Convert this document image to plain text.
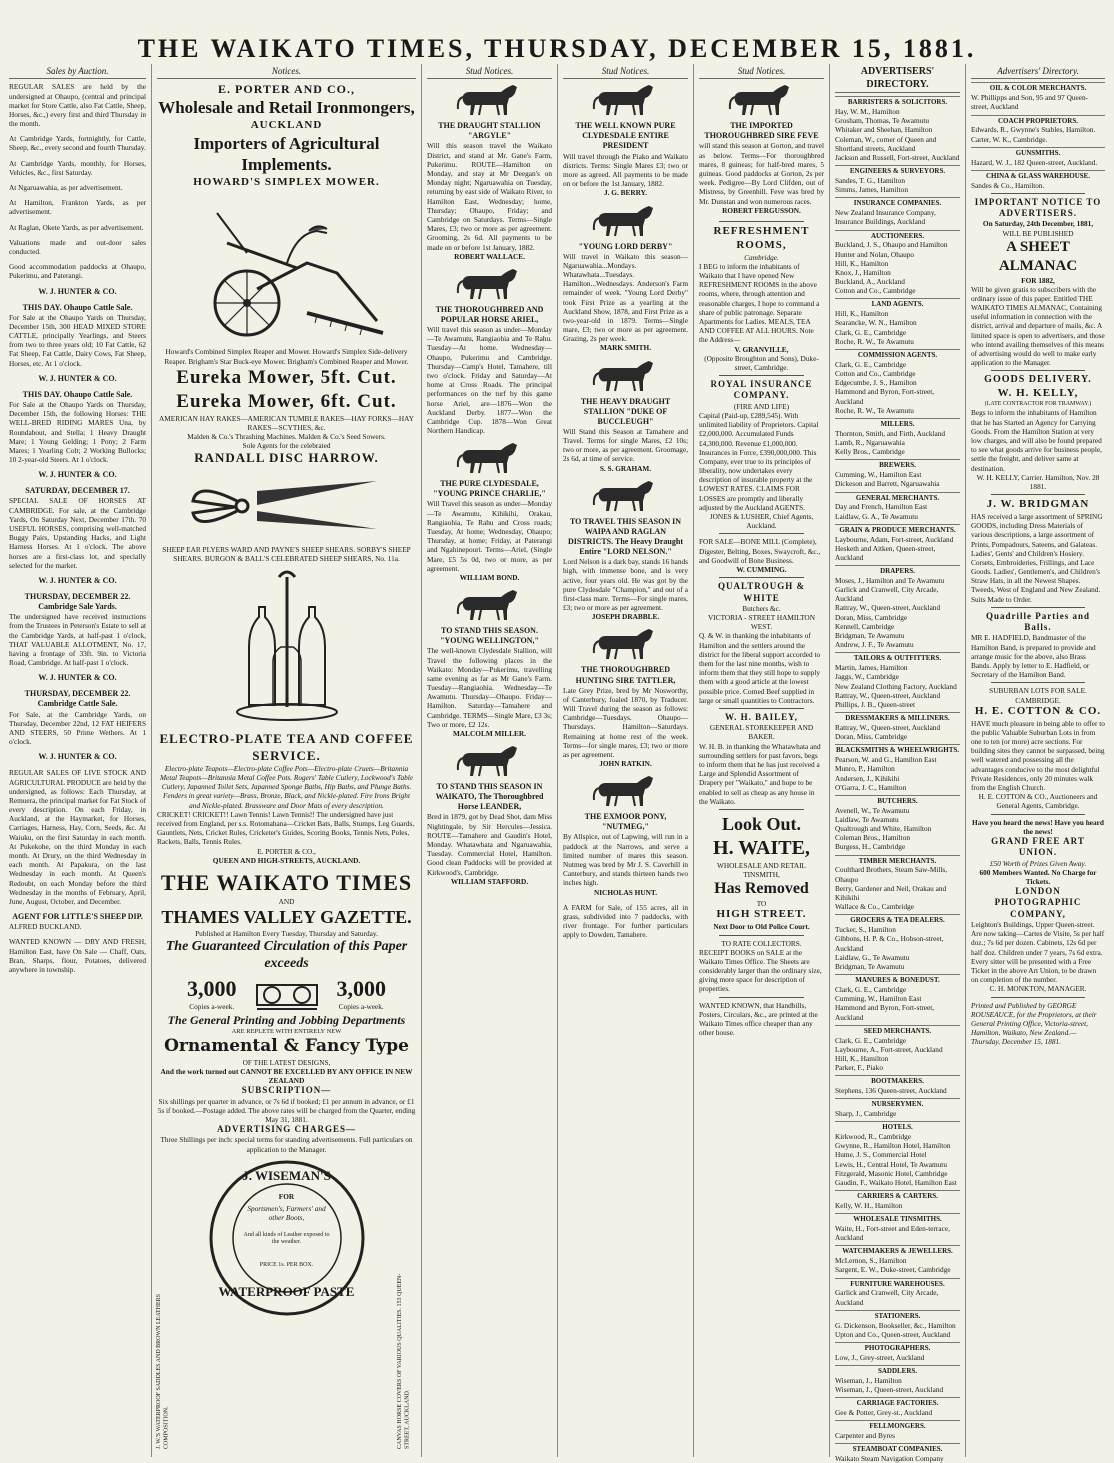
THE WAIKATO TIMES, THURSDAY, DECEMBER 15, 1881.
Sales by Auction.

REGULAR SALES are held by the undersigned at Ohaupo, (central and principal market for Store Cattle, also Fat Cattle, Sheep, Horses, &c.,) every first and third Thursday in the month.

At Cambridge Yards, fortnightly, for Cattle, Sheep, &c., every second and fourth Thursday.

At Cambridge Yards, monthly, for Horses, Vehicles, &c., first Saturday.

At Ngaruawahia, as per advertisement.

At Hamilton, Frankton Yards, as per advertisement.

At Raglan, Okete Yards, as per advertisement.

Valuations made and out-door sales conducted.

Good accommodation paddocks at Ohaupo, Pukerimu, and Paterangi.

W. J. HUNTER & CO.
THIS DAY. Ohaupo Cattle Sale.

For Sale at the Ohaupo Yards on Thursday, December 15th, 300 HEAD MIXED STORE CATTLE, principally Yearlings, and Steers from two to three years old; 10 Fat Cattle, 62 Fat Sheep, Fat Cattle, Dairy Cows, Fat Sheep, Horses, etc. At 1 o'clock.

W. J. HUNTER & CO.
THIS DAY. Ohaupo Cattle Sale.

For Sale at the Ohaupo Yards on Thursday, December 15th, the following Horses: THE WELL-BRED RIDING MARES Una, by Roundabout, and Stella; 1 Heavy Draught Mare; 1 Young Gelding; 1 Pony; 2 Farm Mares; 1 Yearling Colt; 2 Working Bullocks; 10 2-year-old Steers. At 1 o'clock.

W. J. HUNTER & CO.
SATURDAY, DECEMBER 17.

SPECIAL SALE OF HORSES AT CAMBRIDGE. For sale, at the Cambridge Yards, On Saturday Next, December 17th. 70 USEFUL HORSES, comprising well-matched Buggy Pairs, Upstanding Hacks, and Light Harness Horses. At 1 o'clock. The above horses are a first-class lot, and specially selected for the market.

W. J. HUNTER & CO.
THURSDAY, DECEMBER 22. Cambridge Sale Yards.

The undersigned have received instructions from the Trustees in Peterson's Estate to sell at the Cambridge Yards, at half-past 1 o'clock, THAT VALUABLE ALLOTMENT, No. 17, having a frontage of 33ft. 9in. to Victoria Road, Cambridge. At half-past 1 o'clock.

W. J. HUNTER & CO.
THURSDAY, DECEMBER 22. Cambridge Cattle Sale.

For Sale, at the Cambridge Yards, on Thursday, December 22nd, 12 FAT HEIFERS AND STEERS, 50 Prime Wethers. At 1 o'clock.

W. J. HUNTER & CO.

REGULAR SALES OF LIVE STOCK AND AGRICULTURAL PRODUCE are held by the undersigned, as follows: Each Thursday, at Remuera, the principal market for Fat Stock of every description. On each Friday, in Auckland, at the Haymarket, for Horses, Carriages, Harness, Hay, Corn, Seeds, &c. At Waiuku, on the first Saturday in each month. At Pukekohe, on the third Monday in each month. At Drury, on the third Wednesday in each month. At Papakura, on the last Wednesday in each month. At Queen's Redoubt, on each Monday before the third Wednesday in the months of February, April, June, August, October, and December.

AGENT FOR LITTLE'S SHEEP DIP.

ALFRED BUCKLAND.

WANTED KNOWN — DRY AND FRESH, Hamilton East, have On Sale — Chaff, Oats, Bran, Sharps, flour, Potatoes, delivered anywhere in township.

Notices.
E. PORTER AND CO.,
Wholesale and Retail Ironmongers,
AUCKLAND
Importers of Agricultural Implements.
HOWARD'S SIMPLEX MOWER.

Howard's Combined Simplex Reaper and Mower. Howard's Simplex Side-delivery Reaper. Brigham's Star Buck-eye Mower. Brigham's Combined Reaper and Mower.

Eureka Mower, 5ft. Cut.
Eureka Mower, 6ft. Cut.

AMERICAN HAY RAKES—AMERICAN TUMBLE RAKES—HAY FORKS—HAY RAKES—SCYTHES, &c.

Malden & Co.'s Thrashing Machines. Malden & Co.'s Seed Sowers.

Sole Agents for the celebrated

RANDALL DISC HARROW.

SHEEP EAR PLYERS WARD AND PAYNE'S SHEEP SHEARS. SORBY'S SHEEP SHEARS. BURGON & BALL'S CELEBRATED SHEEP SHEARS, No. 11a.

ELECTRO-PLATE TEA AND COFFEE SERVICE.

Electro-plate Teapots—Electro-plate Coffee Pots—Electro-plate Cruets—Britannia Metal Teapots—Britannia Metal Coffee Pots. Rogers' Table Cutlery, Lockwood's Table Cutlery, Japanned Toilet Sets, Japanned Sponge Baths, Hip Baths, and Plunge Baths. Fenders in great variety—Brass, Bronze, Black, and Nickle-plated. Fire Irons Bright and Nickle-plated. Brassware and Door Mats of every description.

CRICKET! CRICKET!! Lawn Tennis! Lawn Tennis!! The undersigned have just received from England, per s.s. Rotomahana—Cricket Bats, Balls, Stumps, Leg Guards, Gauntlets, Nets, Cricket Rules, Cricketer's Guides, Scoring Books, Tennis Nets, Poles, Rackets, Balls, Tennis Rules.

E. PORTER & CO.,
QUEEN AND HIGH-STREETS, AUCKLAND.
THE WAIKATO TIMES
AND
THAMES VALLEY GAZETTE.

Published at Hamilton Every Tuesday, Thursday and Saturday.

The Guaranteed Circulation of this Paper exceeds
3,000
Copies a-week.
3,000
Copies a-week.
The General Printing and Jobbing Departments
ARE REPLETE WITH ENTIRELY NEW
Ornamental & Fancy Type
OF THE LATEST DESIGNS,
And the work turned out CANNOT BE EXCELLED BY ANY OFFICE IN NEW ZEALAND
SUBSCRIPTION—

Six shillings per quarter in advance, or 7s 6d if booked; £1 per annum in advance, or £1 5s if booked.—Postage added. The above rates will be charged from the Quarter, ending May 31, 1881.

ADVERTISING CHARGES—

Three Shillings per inch: special terms for standing advertisements. Full particulars on application to the Manager.

J. W.'S WATERPROOF SADDLES AND BROWN LEATHERS COMPOSITION.	CANVAS HORSE COVERS OF VARIOUS QUALITIES. 153 QUEEN-STREET, AUCKLAND.
J. WISEMAN'S
FOR
Sportsmen's, Farmers' and other Boots,
And all kinds of Leather exposed to the weather.
PRICE 1s. PER BOX.
WATERPROOF PASTE
Stud Notices.
THE DRAUGHT STALLION "ARGYLE"

Will this season travel the Waikato District, and stand at Mr. Gane's Farm, Pukerimu. ROUTE—Hamilton on Monday, and stay at Mr Deegan's on Monday night; Ngaruawahia on Tuesday, returning by east side of Waikato River, to Hamilton East, Wednesday; home, Thursday; Ohaupo, Friday; and Cambridge on Saturdays. Terms—Single Mares, £3; two or more as per agreement. Grooming, 2s 6d. All payments to be made on or before 1st January, 1882.

ROBERT WALLACE.
THE THOROUGHBRED AND POPULAR HORSE ARIEL,

Will travel this season as under—Monday—Te Awamutu, Rangiaohia and Te Rahu. Tuesday—At home. Wednesday—Ohaupo, Pukerimu and Cambridge. Thursday—Camp's Hotel, Tamahere, till two o'clock. Friday and Saturday—At home at Cross Roads. The principal performances on the turf by this game horse Ariel, are—1876—Won the Auckland Derby. 1877—Won the Cambridge Cup. 1878—Won Great Northern Handicap.

THE PURE CLYDESDALE, "YOUNG PRINCE CHARLIE,"

Will Travel this season as under—Monday—Te Awamutu, Kihikihi, Orakau, Rangiaohia, Te Rahu and Cross roads; Tuesday, At home; Wednesday, Ohaupo; Thursday, at home; Friday, at Paterangi and Ngahinepouri. Terms—Ariel, (Single Mare, £5 5s 0d, two or more, as per agreement.

WILLIAM BOND.
TO STAND THIS SEASON. "YOUNG WELLINGTON,"

The well-known Clydesdale Stallion, will Travel the following places in the Waikato: Monday—Pukerimu, travelling same evening as far as Mr Gane's Farm. Tuesday—Rangiaohia. Wednesday—Te Awamutu. Thursday—Ohaupo. Friday—Hamilton. Saturday—Tamahere and Cambridge. TERMS—Single Mare, £3 3s; Two or more, £2 12s.

MALCOLM MILLER.
TO STAND THIS SEASON IN WAIKATO, The Thoroughbred Horse LEANDER,

Bred in 1879, got by Dead Shot, dam Miss Nightingale, by Sir Hercules—Jessica. ROUTE—Tamahere and Gaudin's Hotel, Monday. Whatawhata and Ngaruawahia, Tuesday. Commercial Hotel, Hamilton. Good clean Paddocks will be provided at Kirkwood's, Cambridge.

WILLIAM STAFFORD.
Stud Notices.
THE WELL KNOWN PURE CLYDESDALE ENTIRE PRESIDENT

Will travel through the Piako and Waikato districts. Terms: Single Mares £3; two or more as agreed. All payments to be made on or before the 1st January, 1882.

J. G. BERRY.
"YOUNG LORD DERBY"

Will travel in Waikato this season—Ngaruawahia...Mondays. Whatawhata...Tuesdays. Hamilton...Wednesdays. Anderson's Farm remainder of week. "Young Lord Derby" took First Prize as a yearling at the Auckland Show, 1878, and First Prize as a two-year-old in 1879. Terms—Single mare, £3; two or more as per agreement. Grazing, 2s per week.

MARK SMITH.
THE HEAVY DRAUGHT STALLION "DUKE OF BUCCLEUGH"

Will Stand this Season at Tamahere and Travel. Terms for single Mares, £2 10s; two or more, as per agreement. Groomage, 2s 6d, at time of service.

S. S. GRAHAM.
TO TRAVEL THIS SEASON IN WAIPA AND RAGLAN DISTRICTS. The Heavy Draught Entire "LORD NELSON."

Lord Nelson is a dark bay, stands 16 hands high, with immense bone, and is very active, four years old. He was got by the pure Clydesdale "Champion," and out of a first-class mare. Terms—For single mares, £3; two or more as per agreement.

JOSEPH DRABBLE.
THE THOROUGHBRED HUNTING SIRE TATTLER,

Late Grey Prize, bred by Mr Nosworthy, of Canterbury, foaled 1870, by Traducer. Will Travel during the season as follows: Cambridge—Tuesdays. Ohaupo—Thursdays. Hamilton—Saturdays. Remaining at home rest of the week. Terms—for single mares, £3; two or more as per agreement.

JOHN RATKIN.
THE EXMOOR PONY, "NUTMEG,"

By Allspice, out of Lapwing, will run in a paddock at the Narrows, and serve a limited number of mares this season. Nutmeg was bred by Mr J. S. Caverhill in Canterbury, and stands thirteen hands two inches high.

NICHOLAS HUNT.

A FARM for Sale, of 155 acres, all in grass, subdivided into 7 paddocks, with river frontage. For further particulars apply to Dowden, Tamahere.

Stud Notices.
THE IMPORTED THOROUGHBRED SIRE FEVE

will stand this season at Gorton, and travel as below. Terms—For thoroughbred mares, 8 guineas; for half-bred mares, 5 guineas. Good paddocks at Gorton, 2s per week. Pedigree—By Lord Clifden, out of Mistress, by Greenhill. Feve was bred by Mr. Dunstan and won numerous races.

ROBERT FERGUSSON.
REFRESHMENT ROOMS,
Cambridge.

I BEG to inform the inhabitants of Waikato that I have opened New REFRESHMENT ROOMS in the above rooms, where, through attention and reasonable charges, I hope to command a share of public patronage. Separate Apartments for Ladies. MEALS, TEA AND COFFEE AT ALL HOURS. Note the Address—

V. GRANVILLE,
(Opposite Broughton and Sons), Duke-street, Cambridge.
ROYAL INSURANCE COMPANY.
(FIRE AND LIFE)

Capital (Paid-up, £289,545). With unlimited liability of Proprietors. Capital £2,000,000. Accumulated Funds £4,300,000. Revenue £1,000,000. Insurances in Force, £390,000,000. This Company, ever true to its principles of liberality, now undertakes every description of insurable property at the LOWEST RATES. CLAIMS FOR LOSSES are promptly and liberally adjusted by the Auckland AGENTS.

JONES & LUSHER, Chief Agents, Auckland.

FOR SALE—BONE MILL (Complete), Digester, Belting, Boxes, Swaycroft, &c., and Goodwill of Bone Business.

W. CUMMING.
QUALTROUGH & WHITE
Butchers &c.
VICTORIA - STREET HAMILTON WEST.

Q. & W. in thanking the inhabitants of Hamilton and the settlers around the district for the liberal support accorded to them for the last nine months, wish to inform them that they still hope to supply them with a good article at the lowest possible price. Corned Beef supplied in large or small quantities to Contractors.

W. H. BAILEY,
GENERAL STOREKEEPER AND BAKER.

W. H. B. in thanking the Whatawhata and surrounding settlers for past favors, begs to inform them that he has just received a Large and Splendid Assortment of Drapery per "Waikato," and hope to be enabled to sell as cheap as any house in the Waikato.

Look Out.
H. WAITE,
WHOLESALE AND RETAIL TINSMITH,
Has Removed
TO
HIGH STREET.
Next Door to Old Police Court.
TO RATE COLLECTORS.

RECEIPT BOOKS on SALE at the Waikato Times Office. The Sheets are considerably larger than the ordinary size, giving more space for description of properties.

WANTED KNOWN, that Handbills, Posters, Circulars, &c., are printed at the Waikato Times office cheaper than any other house.

ADVERTISERS' DIRECTORY.
BARRISTERS & SOLICITORS.
Hay, W. M., Hamilton
Grosham, Thomas, Te Awamutu
Whitaker and Sheehan, Hamilton
Coleman, W., corner of Queen and Shortland streets, Auckland
Jackson and Russell, Fort-street, Auckland
ENGINEERS & SURVEYORS.
Sandes, T. G., Hamilton
Simms, James, Hamilton
INSURANCE COMPANIES.
New Zealand Insurance Company, Insurance Buildings, Auckland
AUCTIONEERS.
Buckland, J. S., Ohaupo and Hamilton
Hunter and Nolan, Ohaupo
Hill, K., Hamilton
Knox, J., Hamilton
Buckland, A., Auckland
Cotton and Co., Cambridge
LAND AGENTS.
Hill, K., Hamilton
Searancke, W. N., Hamilton
Clark, G. E., Cambridge
Roche, R. W., Te Awamutu
COMMISSION AGENTS.
Clark, G. E., Cambridge
Cotton and Co., Cambridge
Edgecumbe, J. S., Hamilton
Hammond and Byron, Fort-street, Auckland
Roche, R. W., Te Awamutu
MILLERS.
Thornton, Smith, and Firth, Auckland
Lamb, R., Ngaruawahia
Kelly Bros., Cambridge
BREWERS.
Cumming, W., Hamilton East
Dickeson and Barrett, Ngaruawahia
GENERAL MERCHANTS.
Day and French, Hamilton East
Laidlaw, G. A., Te Awamutu
GRAIN & PRODUCE MERCHANTS.
Laybourne, Adam, Fort-street, Auckland
Hesketh and Aitken, Queen-street, Auckland
DRAPERS.
Moses, J., Hamilton and Te Awamutu
Garlick and Cranwell, City Arcade, Auckland
Rattray, W., Queen-street, Auckland
Doran, Miss, Cambridge
Kennell, Cambridge
Bridgman, Te Awamutu
Andrew, J. F., Te Awamutu
TAILORS & OUTFITTERS.
Martin, James, Hamilton
Jaggs, W., Cambridge
New Zealand Clothing Factory, Auckland
Rattray, W., Queen-street, Auckland
Phillips, J. B., Queen-street
DRESSMAKERS & MILLINERS.
Rattray, W., Queen-street, Auckland
Doran, Miss, Cambridge
BLACKSMITHS & WHEELWRIGHTS.
Pearson, W. and G., Hamilton East
Munro, P., Hamilton
Andersen, J., Kihikihi
O'Garra, J. C., Hamilton
BUTCHERS.
Avenell, W., Te Awamutu
Laidlaw, Te Awamutu
Qualtrough and White, Hamilton
Coleman Bros., Hamilton
Burgess, H., Cambridge
TIMBER MERCHANTS.
Coulthard Brothers, Steam Saw-Mills, Ohaupo
Berry, Gardener and Neil, Orakau and Kihikihi
Wallace & Co., Cambridge
GROCERS & TEA DEALERS.
Tucker, S., Hamilton
Gibbons, H. P. & Co., Hobson-street, Auckland
Laidlaw, G., Te Awamutu
Bridgman, Te Awamutu
MANURES & BONEDUST.
Clark, G. E., Cambridge
Cumming, W., Hamilton East
Hammond and Byron, Fort-street, Auckland
SEED MERCHANTS.
Clark, G. E., Cambridge
Laybourne, A., Fort-street, Auckland
Hill, K., Hamilton
Parker, F., Piako
BOOTMAKERS.
Stephens, 136 Queen-street, Auckland
NURSERYMEN.
Sharp, J., Cambridge
HOTELS.
Kirkwood, R., Cambridge
Gwynne, R., Hamilton Hotel, Hamilton
Hume, J. S., Commercial Hotel
Lewis, H., Central Hotel, Te Awamutu
Fitzgerald, Masonic Hotel, Cambridge
Gaudin, F., Waikato Hotel, Hamilton East
CARRIERS & CARTERS.
Kelly, W. H., Hamilton
WHOLESALE TINSMITHS.
Waite, H., Fort-street and Eden-terrace, Auckland
WATCHMAKERS & JEWELLERS.
McLernon, S., Hamilton
Sargent, E. W., Duke-street, Cambridge
FURNITURE WAREHOUSES.
Garlick and Cranwell, City Arcade, Auckland
STATIONERS.
G. Dickenson, Bookseller, &c., Hamilton
Upton and Co., Queen-street, Auckland
PHOTOGRAPHERS.
Low, J., Grey-street, Auckland
SADDLERS.
Wiseman, J., Hamilton
Wiseman, J., Queen-street, Auckland
CARRIAGE FACTORIES.
Gee & Potter, Grey-st., Auckland
FELLMONGERS.
Carpenter and Byres
STEAMBOAT COMPANIES.
Waikato Steam Navigation Company
Advertisers' Directory.
OIL & COLOR MERCHANTS.
W. Phillipps and Son, 95 and 97 Queen-street, Auckland
COACH PROPRIETORS.
Edwards, R., Gwynne's Stables, Hamilton.
Carter, W. K., Cambridge.
GUNSMITHS.
Hazard, W. J., 182 Queen-street, Auckland.
CHINA & GLASS WAREHOUSE.
Sandes & Co., Hamilton.
IMPORTANT NOTICE TO ADVERTISERS.
On Saturday, 24th December, 1881,
WILL BE PUBLISHED
A SHEET ALMANAC
FOR 1882,

Will be given gratis to subscribers with the ordinary issue of this paper. Entitled THE WAIKATO TIMES ALMANAC, Containing useful information in connection with the district, arrival and departure of mails, &c. A limited space is open to advertisers, and those who intend availing themselves of this means of advertising would do well to make early application to the Manager.

GOODS DELIVERY.
W. H. KELLY,
(LATE CONTRACTOR FOR TRAMWAY.)

Begs to inform the inhabitants of Hamilton that he has Started an Agency for Carrying Goods. From the Hamilton Station at very low charges, and will also be found prepared to see what goods arrive for business people, settle the freight, and deliver same at destination.

W. H. KELLY, Carrier. Hamilton, Nov. 28 1881.
J. W. BRIDGMAN

HAS received a large assortment of SPRING GOODS, including Dress Materials of various descriptions, a large assortment of Prints, Pompadours, Sateens, and Galateas. Ladies', Gents' and Children's Hosiery. Corsets, Embroideries, Frillings, and Lace Goods. Ladies', Gentlemen's, and Children's Straw Hats, in all the Newest Shapes. Tweeds, West of England and New Zealand. Suits Made to Order.

Quadrille Parties and Balls.

MR E. HADFIELD, Bandmaster of the Hamilton Band, is prepared to provide and arrange music for the above, also Brass Bands. Apply by letter to E. Hadfield, or Secretary of the Hamilton Band.

SUBURBAN LOTS FOR SALE. CAMBRIDGE.
H. E. COTTON & CO.

HAVE much pleasure in being able to offer to the public Valuable Suburban Lots in from one to ten (or more) acre sections. For building sites they cannot be surpassed, being well watered and possessing all the advantages conducive to the most delightful Private Residences, only 20 minutes walk from the English Church.

H. E. COTTON & CO., Auctioneers and General Agents, Cambridge.
Have you heard the news! Have you heard the news!
GRAND FREE ART UNION.
£50 Worth of Prizes Given Away.
600 Members Wanted. No Charge for Tickets.
LONDON PHOTOGRAPHIC COMPANY,

Leighton's Buildings, Upper Queen-street. Are now taking—Cartes de Visite, 5s per half doz.; 7s 6d per dozen. Cabinets, 12s 6d per half doz. Children under 7 years, 7s 6d extra. Every sitter will be presented with a Free Ticket in the above Art Union, to be drawn on completion of the number.

C. H. MONKTON, MANAGER.

Printed and Published by GEORGE ROUSEAUCE, for the Proprietors, at their General Printing Office, Victoria-street, Hamilton, Waikato, New Zealand.—Thursday, December 15, 1881.
